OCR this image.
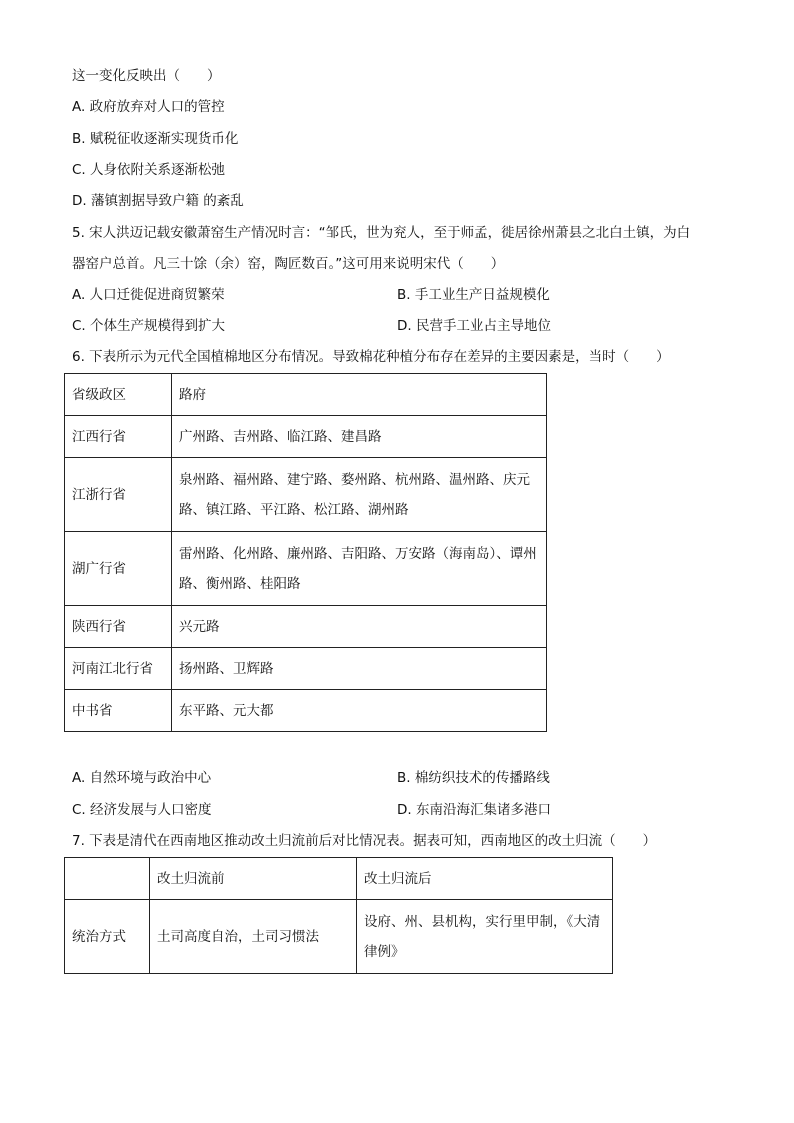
这一变化反映出（　　）
A. 政府放弃对人口的管控
B. 赋税征收逐渐实现货币化
C. 人身依附关系逐渐松弛
D. 藩镇割据导致户籍 的紊乱
5. 宋人洪迈记载安徽萧窑生产情况时言：“邹氏，世为兖人，至于师孟，徙居徐州萧县之北白土镇，为白
器窑户总首。凡三十馀（余）窑，陶匠数百。”这可用来说明宋代（　　）
A. 人口迁徙促进商贸繁荣	B. 手工业生产日益规模化
C. 个体生产规模得到扩大	D. 民营手工业占主导地位
6. 下表所示为元代全国植棉地区分布情况。导致棉花种植分布存在差异的主要因素是，当时（　　）
省级政区	路府
江西行省	广州路、吉州路、临江路、建昌路
江浙行省	泉州路、福州路、建宁路、婺州路、杭州路、温州路、庆元路、镇江路、平江路、松江路、湖州路
湖广行省	雷州路、化州路、廉州路、吉阳路、万安路（海南岛）、谭州路、衡州路、桂阳路
陕西行省	兴元路
河南江北行省	扬州路、卫辉路
中书省	东平路、元大都
A. 自然环境与政治中心	B. 棉纺织技术的传播路线
C. 经济发展与人口密度	D. 东南沿海汇集诸多港口
7. 下表是清代在西南地区推动改土归流前后对比情况表。据表可知，西南地区的改土归流（　　）
	改土归流前	改土归流后
统治方式	土司高度自治，土司习惯法	设府、州、县机构，实行里甲制，《大清律例》
